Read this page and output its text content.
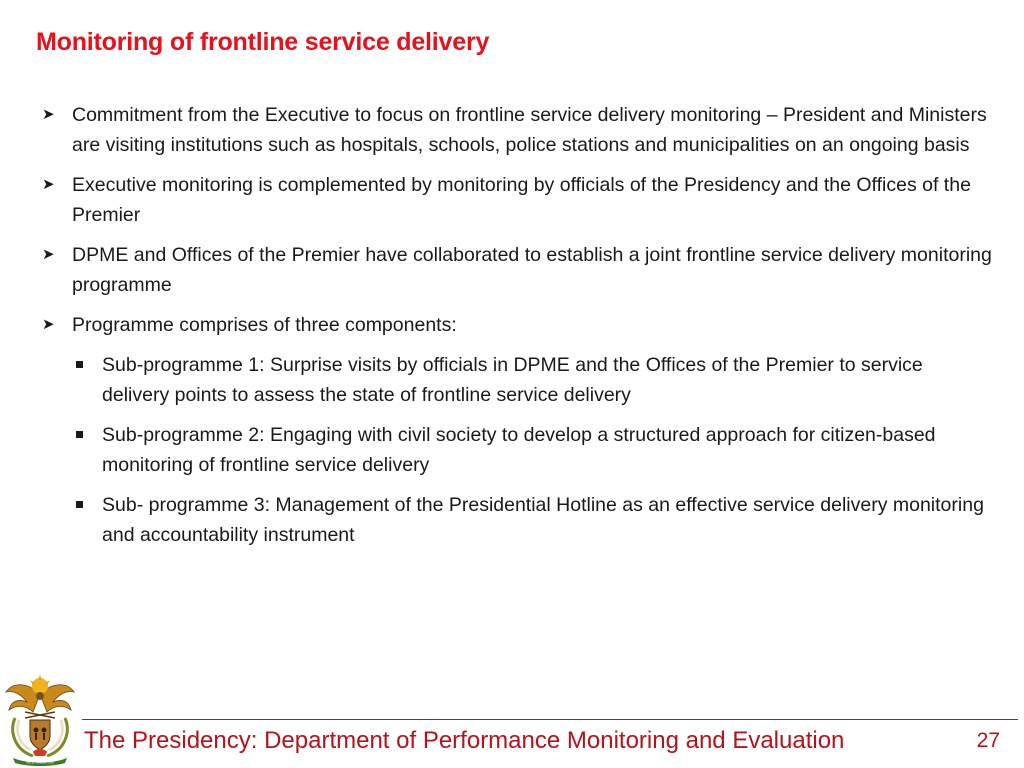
Monitoring of frontline service delivery
➤ Commitment from the Executive to focus on frontline service delivery monitoring – President and Ministers are visiting institutions such as hospitals, schools, police stations and municipalities on an ongoing basis
➤ Executive monitoring is complemented by monitoring by officials of the Presidency and the Offices of the Premier
➤ DPME and Offices of the Premier have collaborated to establish a joint frontline service delivery monitoring programme
➤ Programme comprises of three components:
Sub-programme 1: Surprise visits by officials in DPME and the Offices of the Premier to service delivery points to assess the state of frontline service delivery
Sub-programme 2: Engaging with civil society to develop a structured approach for citizen-based monitoring of frontline service delivery
Sub- programme 3: Management of the Presidential Hotline as an effective service delivery monitoring and accountability instrument
!KE E: /XARRA //KE
The Presidency: Department of Performance Monitoring and Evaluation	27
